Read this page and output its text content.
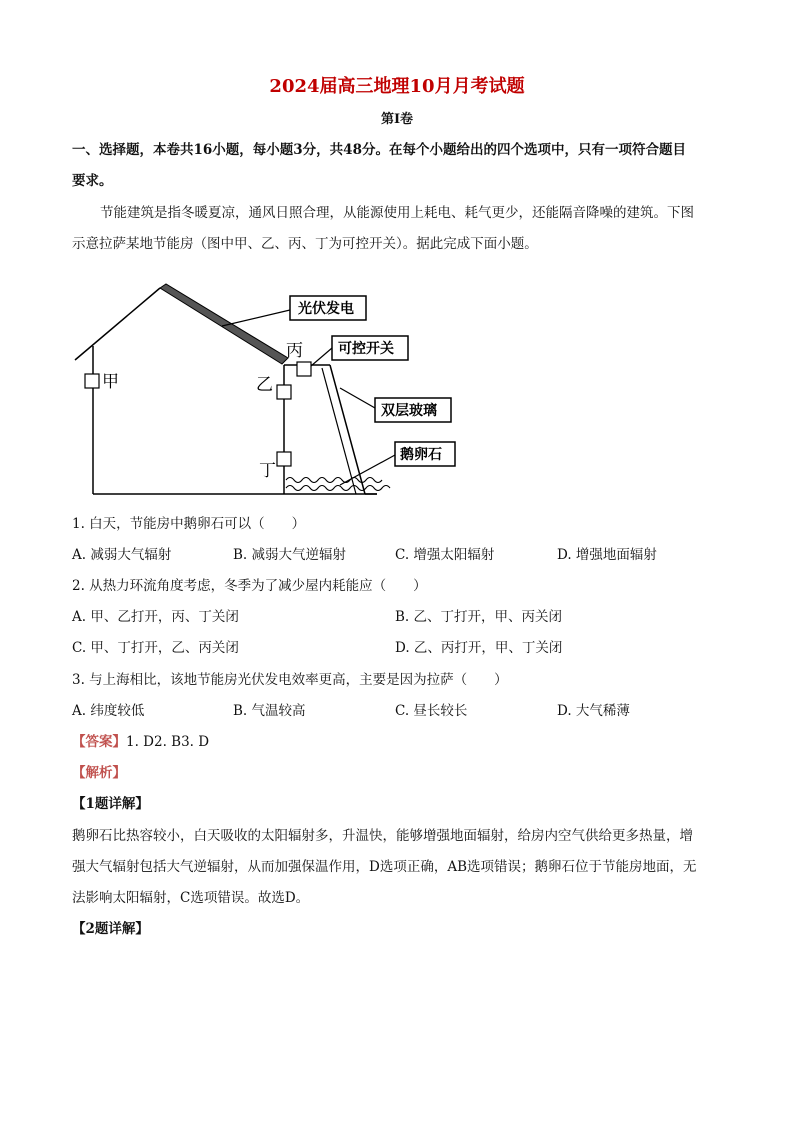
2024届高三地理10月月考试题
第I卷
一、选择题，本卷共16小题，每小题3分，共48分。在每个小题给出的四个选项中，只有一项符合题目
要求。
节能建筑是指冬暖夏凉，通风日照合理，从能源使用上耗电、耗气更少，还能隔音降噪的建筑。下图
示意拉萨某地节能房（图中甲、乙、丙、丁为可控开关）。据此完成下面小题。
甲	乙
丙
丁
光伏发电
可控开关
双层玻璃
鹅卵石
1. 白天，节能房中鹅卵石可以（　　）
A. 减弱大气辐射	B. 减弱大气逆辐射	C. 增强太阳辐射	D. 增强地面辐射
2. 从热力环流角度考虑，冬季为了减少屋内耗能应（　　）
A. 甲、乙打开，丙、丁关闭	B. 乙、丁打开，甲、丙关闭
C. 甲、丁打开，乙、丙关闭	D. 乙、丙打开，甲、丁关闭
3. 与上海相比，该地节能房光伏发电效率更高，主要是因为拉萨（　　）
A. 纬度较低	B. 气温较高	C. 昼长较长	D. 大气稀薄
【答案】1. D2. B3. D
【解析】
【1题详解】
鹅卵石比热容较小，白天吸收的太阳辐射多，升温快，能够增强地面辐射，给房内空气供给更多热量，增
强大气辐射包括大气逆辐射，从而加强保温作用，D选项正确，AB选项错误；鹅卵石位于节能房地面，无
法影响太阳辐射，C选项错误。故选D。
【2题详解】
